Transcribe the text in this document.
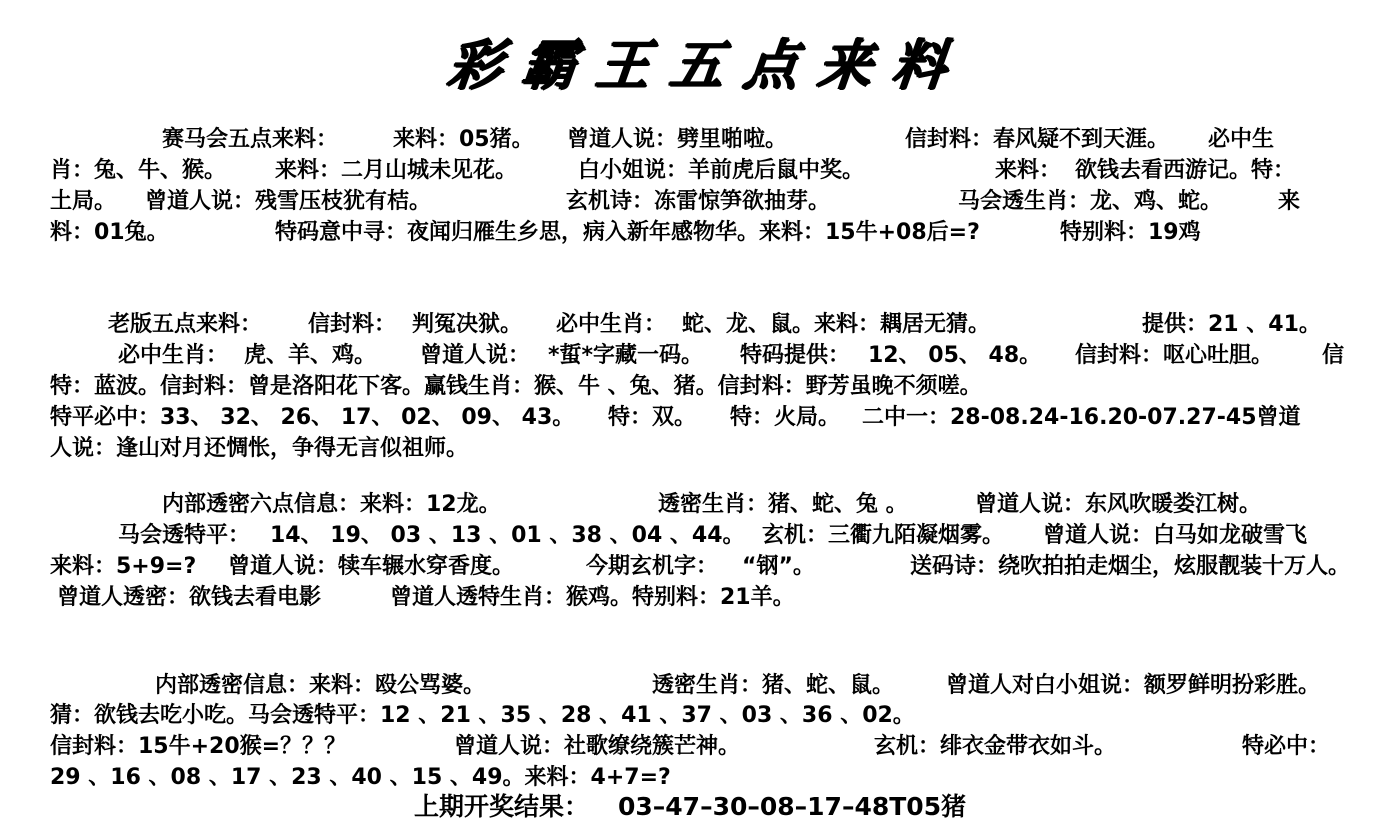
彩霸王五点来料
赛马会五点来料： 来料：05猪。 曾道人说：劈里啪啦。	信封料：春风疑不到天涯。 必中生
肖：兔、牛、猴。 来料：二月山城未见花。	白小姐说：羊前虎后鼠中奖。	来料： 欲钱去看西游记。特：
土局。 曾道人说：残雪压枝犹有桔。	玄机诗：冻雷惊笋欲抽芽。	马会透生肖：龙、鸡、蛇。	来
料：01兔。	特码意中寻：夜闻归雁生乡思，病入新年感物华。来料：15牛+08后=?	特别料：19鸡
老版五点来料： 信封料： 判冤决狱。 必中生肖： 蛇、龙、鼠。来料：耦居无猜。	提供：21 、41。
必中生肖： 虎、羊、鸡。 曾道人说： *蜇*字藏一码。 特码提供： 12、 05、 48。 信封料：呕心吐胆。 信
特：蓝波。信封料：曾是洛阳花下客。赢钱生肖：猴、牛 、兔、猪。信封料：野芳虽晚不须嗟。
特平必中：33、 32、 26、 17、 02、 09、 43。 特：双。 特：火局。 二中一：28-08.24-16.20-07.27-45曾道
人说：逢山对月还惆怅，争得无言似祖师。
内部透密六点信息：来料：12龙。	透密生肖：猪、蛇、兔 。	曾道人说：东风吹暖娄江树。
马会透特平： 14、 19、 03 、13 、01 、38 、04 、44。 玄机：三衢九陌凝烟雾。 曾道人说：白马如龙破雪飞
来料：5+9=? 曾道人说：犊车辗水穿香度。	今期玄机字： “钢”。	送码诗：绕吹拍拍走烟尘，炫服靓装十万人。
曾道人透密：欲钱去看电影	曾道人透特生肖：猴鸡。特别料：21羊。
内部透密信息：来料：殴公骂婆。	透密生肖：猪、蛇、鼠。 曾道人对白小姐说：额罗鲜明扮彩胜。
猜：欲钱去吃小吃。马会透特平：12 、21 、35 、28 、41 、37 、03 、36 、02。
信封料：15牛+20猴=？？？	曾道人说：社歌缭绕簇芒神。	玄机：绯衣金带衣如斗。	特必中：
29 、16 、08 、17 、23 、40 、15 、49。来料：4+7=?
上期开奖结果： 03–47–30–08–17–48T05猪
